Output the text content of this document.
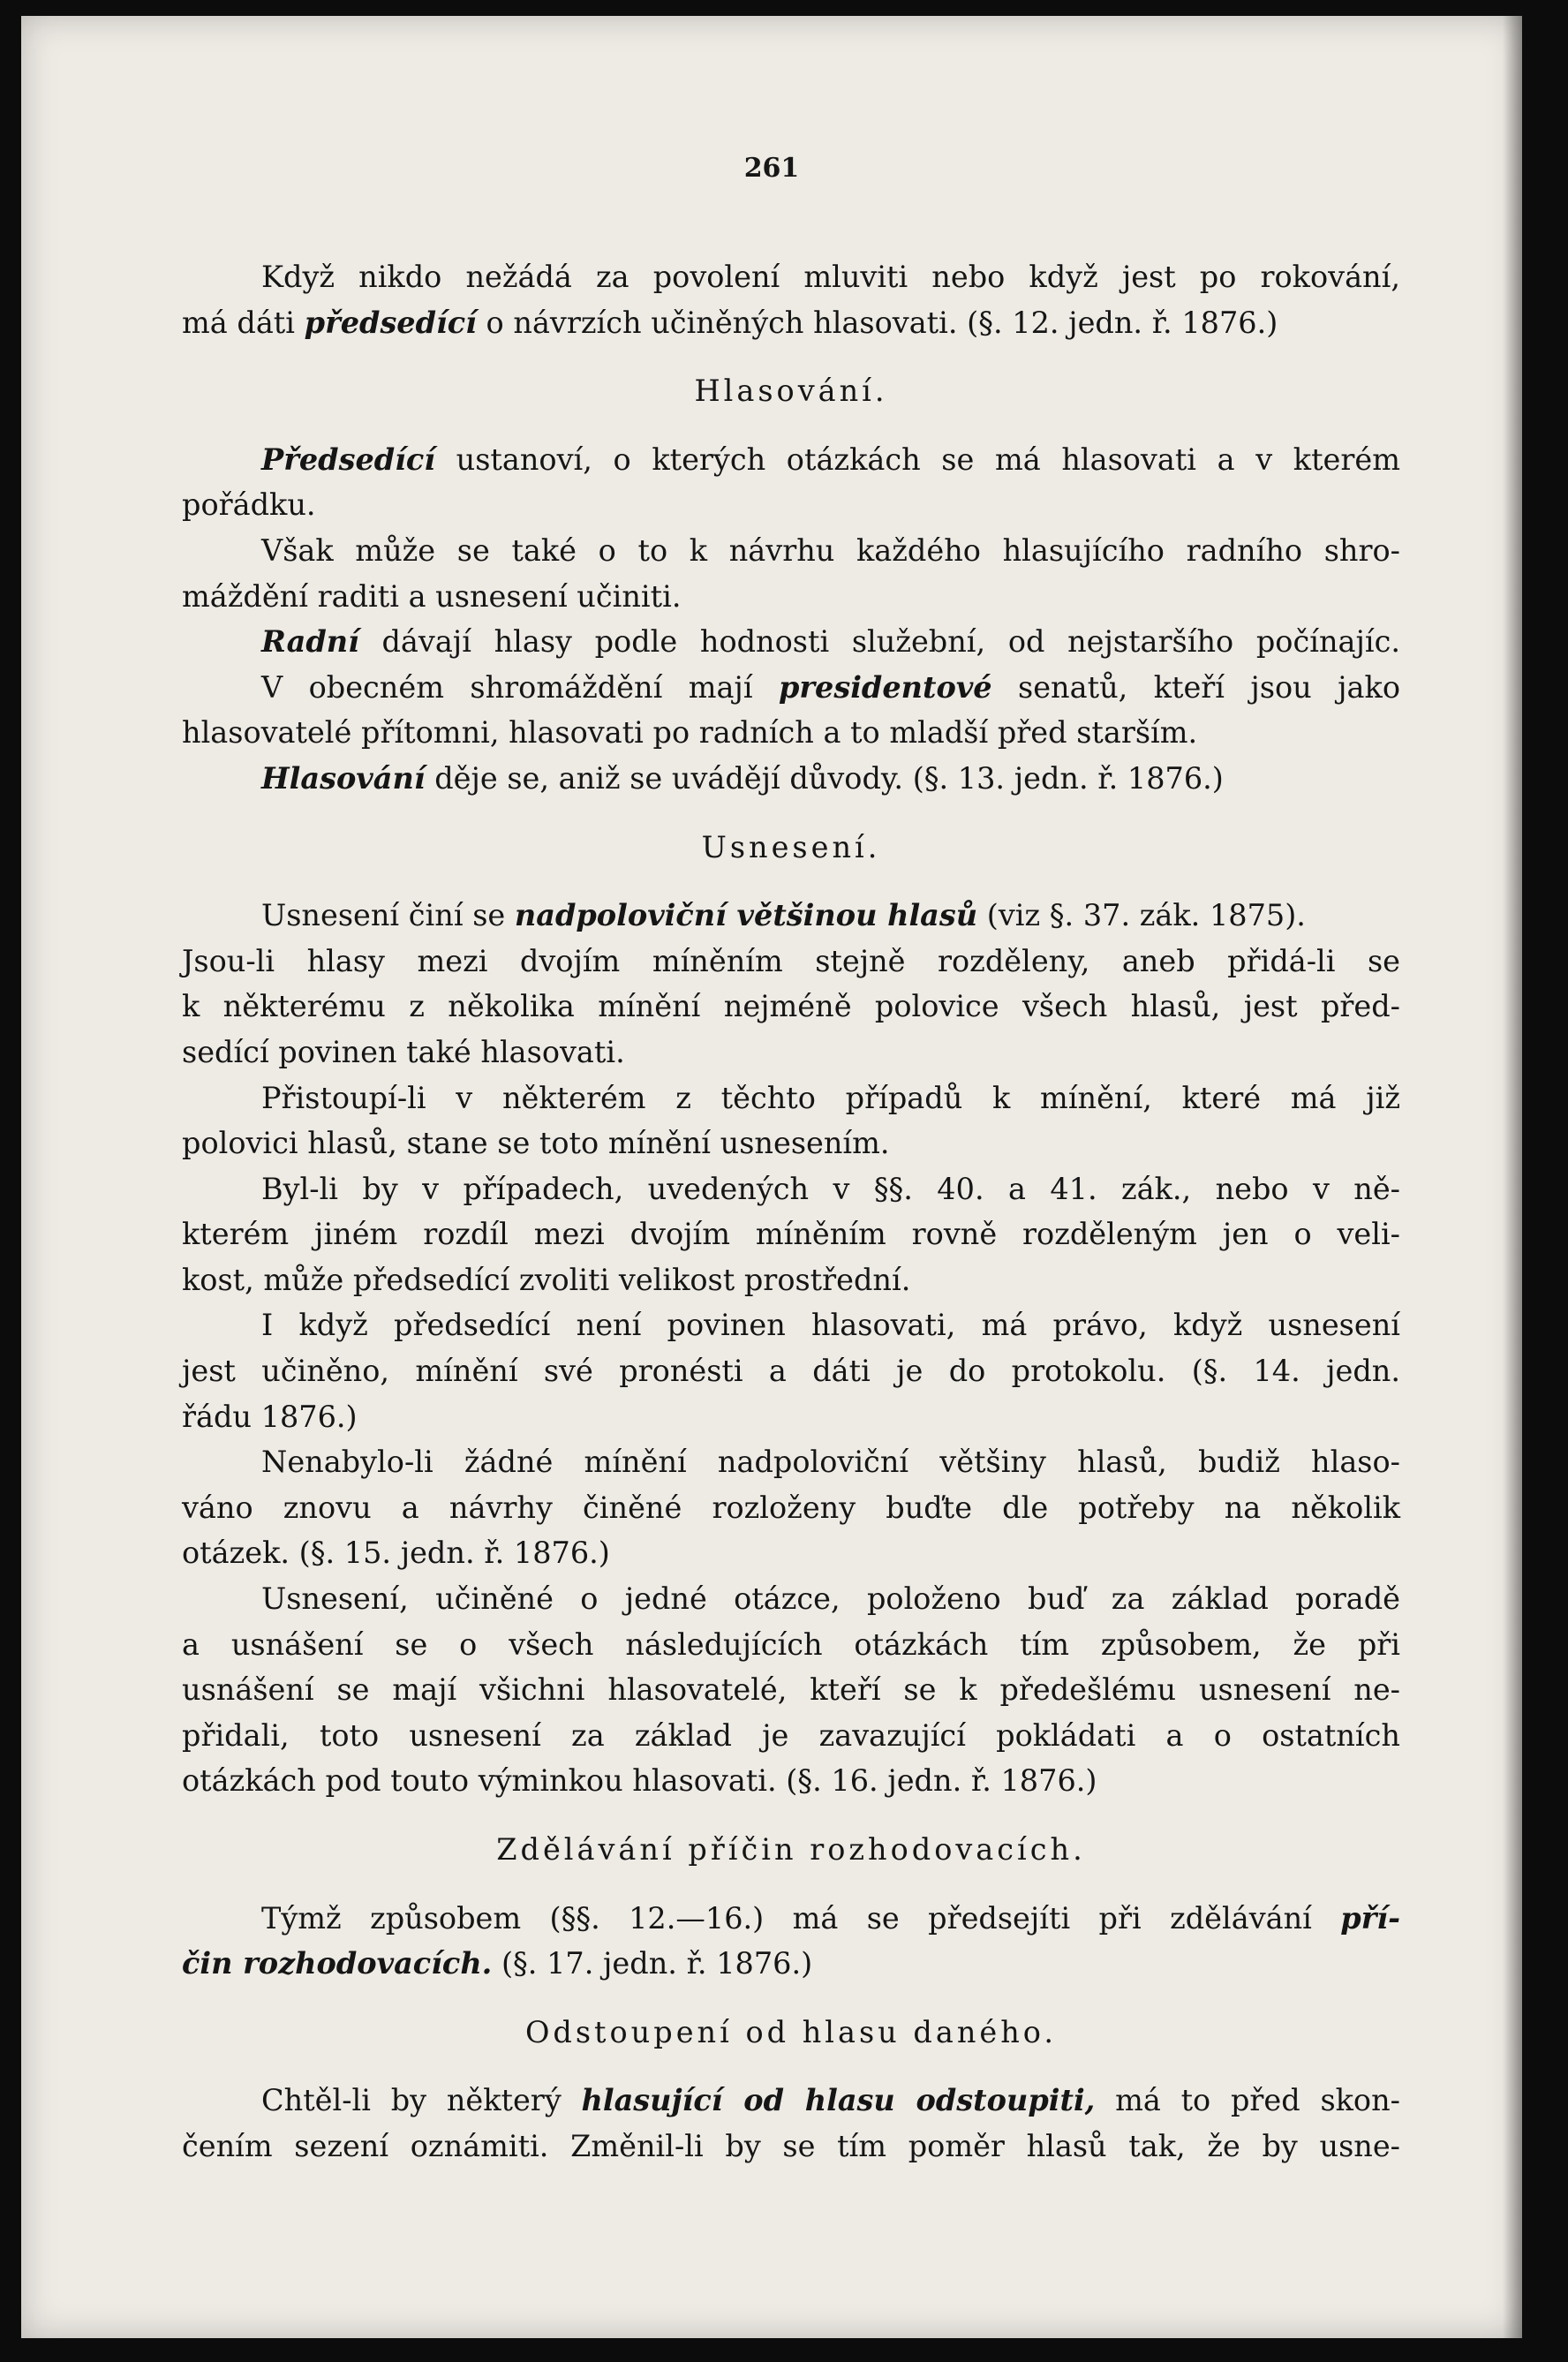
261
Když nikdo nežádá za povolení mluviti nebo když jest po rokování,
má dáti předsedící o návrzích učiněných hlasovati. (§. 12. jedn. ř. 1876.)
Hlasování.
Předsedící ustanoví, o kterých otázkách se má hlasovati a v kterém
pořádku.
Však může se také o to k návrhu každého hlasujícího radního shro-
máždění raditi a usnesení učiniti.
Radní dávají hlasy podle hodnosti služební, od nejstaršího počínajíc.
V obecném shromáždění mají presidentové senatů, kteří jsou jako
hlasovatelé přítomni, hlasovati po radních a to mladší před starším.
Hlasování děje se, aniž se uvádějí důvody. (§. 13. jedn. ř. 1876.)
Usnesení.
Usnesení činí se nadpoloviční většinou hlasů (viz §. 37. zák. 1875).
Jsou-li hlasy mezi dvojím míněním stejně rozděleny, aneb přidá-li se
k některému z několika mínění nejméně polovice všech hlasů, jest před-
sedící povinen také hlasovati.
Přistoupí-li v některém z těchto případů k mínění, které má již
polovici hlasů, stane se toto mínění usnesením.
Byl-li by v případech, uvedených v §§. 40. a 41. zák., nebo v ně-
kterém jiném rozdíl mezi dvojím míněním rovně rozděleným jen o veli-
kost, může předsedící zvoliti velikost prostřední.
I když předsedící není povinen hlasovati, má právo, když usnesení
jest učiněno, mínění své pronésti a dáti je do protokolu. (§. 14. jedn.
řádu 1876.)
Nenabylo-li žádné mínění nadpoloviční většiny hlasů, budiž hlaso-
váno znovu a návrhy činěné rozloženy buďte dle potřeby na několik
otázek. (§. 15. jedn. ř. 1876.)
Usnesení, učiněné o jedné otázce, položeno buď za základ poradě
a usnášení se o všech následujících otázkách tím způsobem, že při
usnášení se mají všichni hlasovatelé, kteří se k předešlému usnesení ne-
přidali, toto usnesení za základ je zavazující pokládati a o ostatních
otázkách pod touto výminkou hlasovati. (§. 16. jedn. ř. 1876.)
Zdělávání příčin rozhodovacích.
Týmž způsobem (§§. 12.—16.) má se předsejíti při zdělávání pří-
čin rozhodovacích. (§. 17. jedn. ř. 1876.)
Odstoupení od hlasu daného.
Chtěl-li by některý hlasující od hlasu odstoupiti, má to před skon-
čením sezení oznámiti. Změnil-li by se tím poměr hlasů tak, že by usne-
